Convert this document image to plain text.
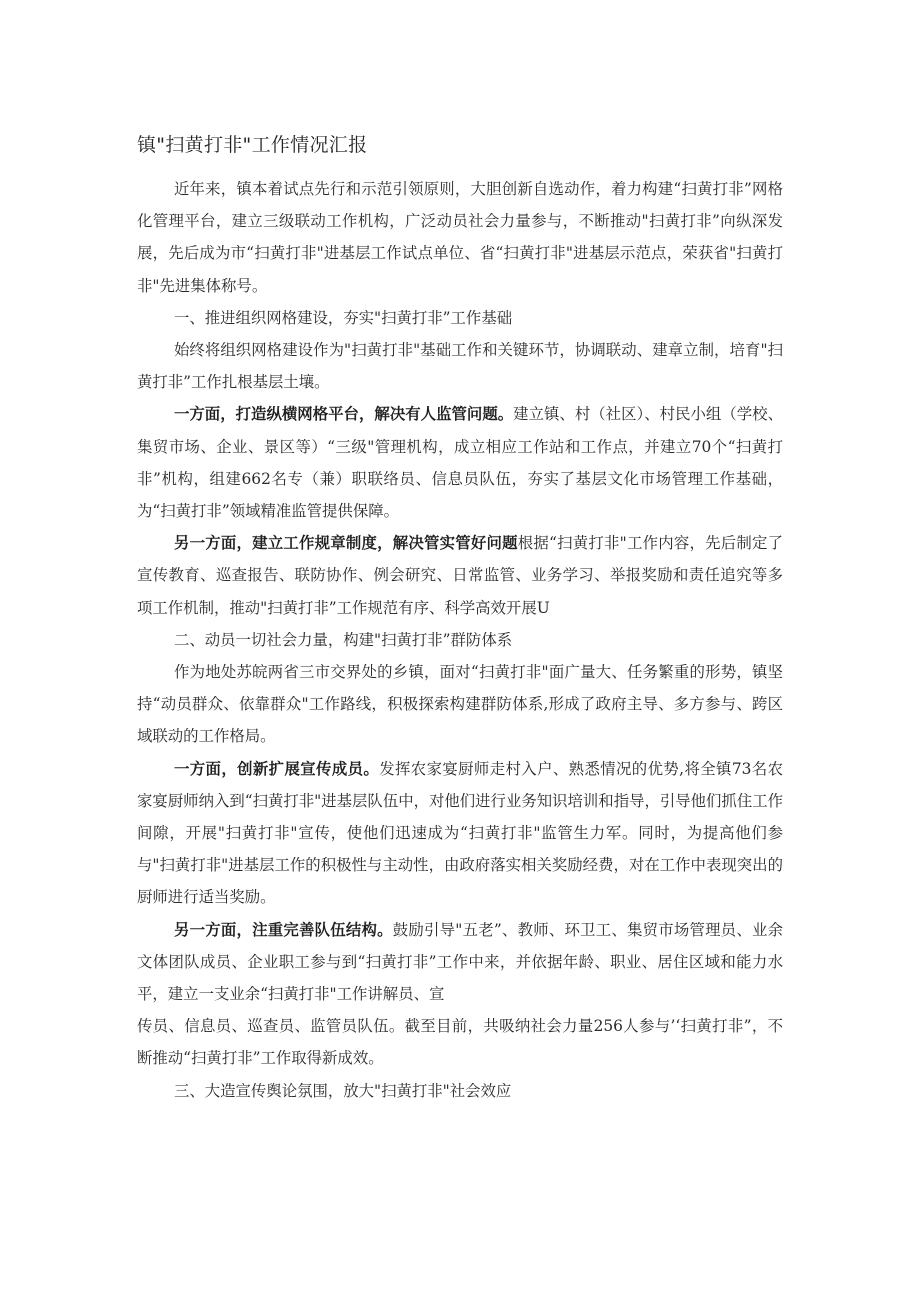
镇"扫黄打非"工作情况汇报

近年来，镇本着试点先行和示范引领原则，大胆创新自选动作，着力构建“扫黄打非”网格化管理平台，建立三级联动工作机构，广泛动员社会力量参与，不断推动"扫黄打非”向纵深发展，先后成为市“扫黄打非"进基层工作试点单位、省“扫黄打非"进基层示范点，荣获省"扫黄打非"先进集体称号。

一、推进组织网格建设，夯实"扫黄打非”工作基础

始终将组织网格建设作为"扫黄打非"基础工作和关键环节，协调联动、建章立制，培育"扫黄打非”工作扎根基层土壤。

一方面，打造纵横网格平台，解决有人监管问题。建立镇、村（社区）、村民小组（学校、集贸市场、企业、景区等）“三级"管理机构，成立相应工作站和工作点，并建立70个“扫黄打非”机构，组建662名专（兼）职联络员、信息员队伍，夯实了基层文化市场管理工作基础，为“扫黄打非”领域精准监管提供保障。

另一方面，建立工作规章制度，解决管实管好问题根据“扫黄打非"工作内容，先后制定了宣传教育、巡查报告、联防协作、例会研究、日常监管、业务学习、举报奖励和责任追究等多项工作机制，推动"扫黄打非”工作规范有序、科学高效开展U

二、动员一切社会力量，构建"扫黄打非”群防体系

作为地处苏皖两省三市交界处的乡镇，面对“扫黄打非"面广量大、任务繁重的形势，镇坚持“动员群众、依靠群众"工作路线，积极探索构建群防体系,形成了政府主导、多方参与、跨区域联动的工作格局。

一方面，创新扩展宣传成员。发挥农家宴厨师走村入户、熟悉情况的优势,将全镇73名农家宴厨师纳入到“扫黄打非"进基层队伍中，对他们进行业务知识培训和指导，引导他们抓住工作间隙，开展"扫黄打非"宣传，使他们迅速成为“扫黄打非"监管生力军。同时，为提高他们参与"扫黄打非"进基层工作的积极性与主动性，由政府落实相关奖励经费，对在工作中表现突出的厨师进行适当奖励。

另一方面，注重完善队伍结构。鼓励引导"五老”、教师、环卫工、集贸市场管理员、业余文体团队成员、企业职工参与到“扫黄打非”工作中来，并依据年龄、职业、居住区域和能力水平，建立一支业余“扫黄打非"工作讲解员、宣

传员、信息员、巡查员、监管员队伍。截至目前，共吸纳社会力量256人参与’‘扫黄打非”，不断推动“扫黄打非”工作取得新成效。

三、大造宣传舆论氛围，放大"扫黄打非"社会效应
